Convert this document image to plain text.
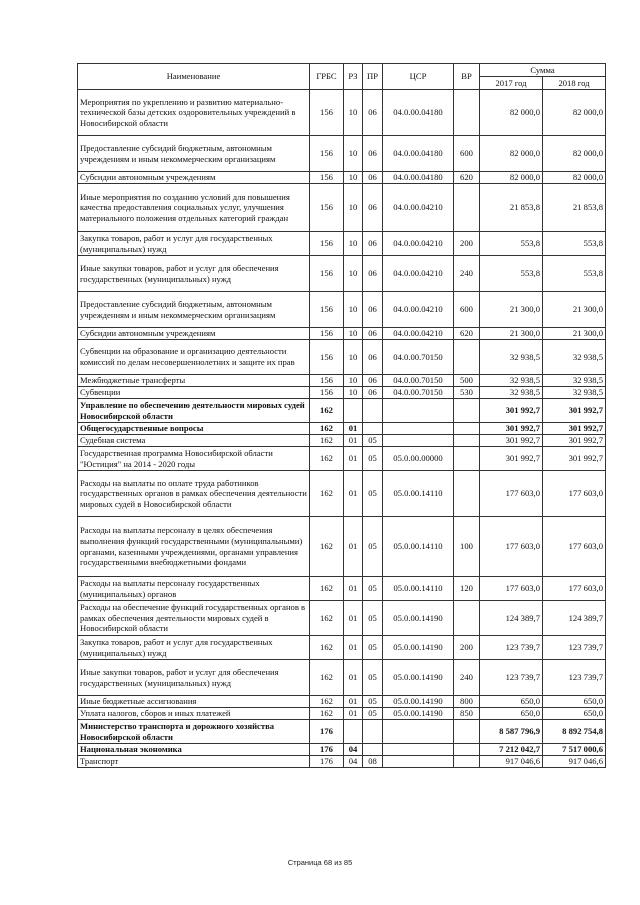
Наименование	ГРБС	РЗ	ПР	ЦСР	ВР	Сумма	
						2017 год	2018 год
Мероприятия по укреплению и развитию материально-технической базы детских оздоровительных учреждений в Новосибирской области	156	10	06	04.0.00.04180		82 000,0	82 000,0
Предоставление субсидий бюджетным, автономным учреждениям и иным некоммерческим организациям	156	10	06	04.0.00.04180	600	82 000,0	82 000,0
Субсидии автономным учреждениям	156	10	06	04.0.00.04180	620	82 000,0	82 000,0
Иные мероприятия по созданию условий для повышения качества предоставления социальных услуг, улучшения материального положения отдельных категорий граждан	156	10	06	04.0.00.04210		21 853,8	21 853,8
Закупка товаров, работ и услуг для государственных (муниципальных) нужд	156	10	06	04.0.00.04210	200	553,8	553,8
Иные закупки товаров, работ и услуг для обеспечения государственных (муниципальных) нужд	156	10	06	04.0.00.04210	240	553,8	553,8
Предоставление субсидий бюджетным, автономным учреждениям и иным некоммерческим организациям	156	10	06	04.0.00.04210	600	21 300,0	21 300,0
Субсидии автономным учреждениям	156	10	06	04.0.00.04210	620	21 300,0	21 300,0
Субвенции на образование и организацию деятельности комиссий по делам несовершеннолетних и защите их прав	156	10	06	04.0.00.70150		32 938,5	32 938,5
Межбюджетные трансферты	156	10	06	04.0.00.70150	500	32 938,5	32 938,5
Субвенции	156	10	06	04.0.00.70150	530	32 938,5	32 938,5
Управление по обеспечению деятельности мировых судей Новосибирской области	162					301 992,7	301 992,7
Общегосударственные вопросы	162	01				301 992,7	301 992,7
Судебная система	162	01	05			301 992,7	301 992,7
Государственная программа Новосибирской области "Юстиция" на 2014 - 2020 годы	162	01	05	05.0.00.00000		301 992,7	301 992,7
Расходы на выплаты по оплате труда работников государственных органов в рамках обеспечения деятельности мировых судей в Новосибирской области	162	01	05	05.0.00.14110		177 603,0	177 603,0
Расходы на выплаты персоналу в целях обеспечения выполнения функций государственными (муниципальными) органами, казенными учреждениями, органами управления государственными внебюджетными фондами	162	01	05	05.0.00.14110	100	177 603,0	177 603,0
Расходы на выплаты персоналу государственных (муниципальных) органов	162	01	05	05.0.00.14110	120	177 603,0	177 603,0
Расходы на обеспечение функций государственных органов в рамках обеспечения деятельности мировых судей в Новосибирской области	162	01	05	05.0.00.14190		124 389,7	124 389,7
Закупка товаров, работ и услуг для государственных (муниципальных) нужд	162	01	05	05.0.00.14190	200	123 739,7	123 739,7
Иные закупки товаров, работ и услуг для обеспечения государственных (муниципальных) нужд	162	01	05	05.0.00.14190	240	123 739,7	123 739,7
Иные бюджетные ассигнования	162	01	05	05.0.00.14190	800	650,0	650,0
Уплата налогов, сборов и иных платежей	162	01	05	05.0.00.14190	850	650,0	650,0
Министерство транспорта и дорожного хозяйства Новосибирской области	176					8 587 796,9	8 892 754,8
Национальная экономика	176	04				7 212 042,7	7 517 000,6
Транспорт	176	04	08			917 046,6	917 046,6
Страница 68 из 85
